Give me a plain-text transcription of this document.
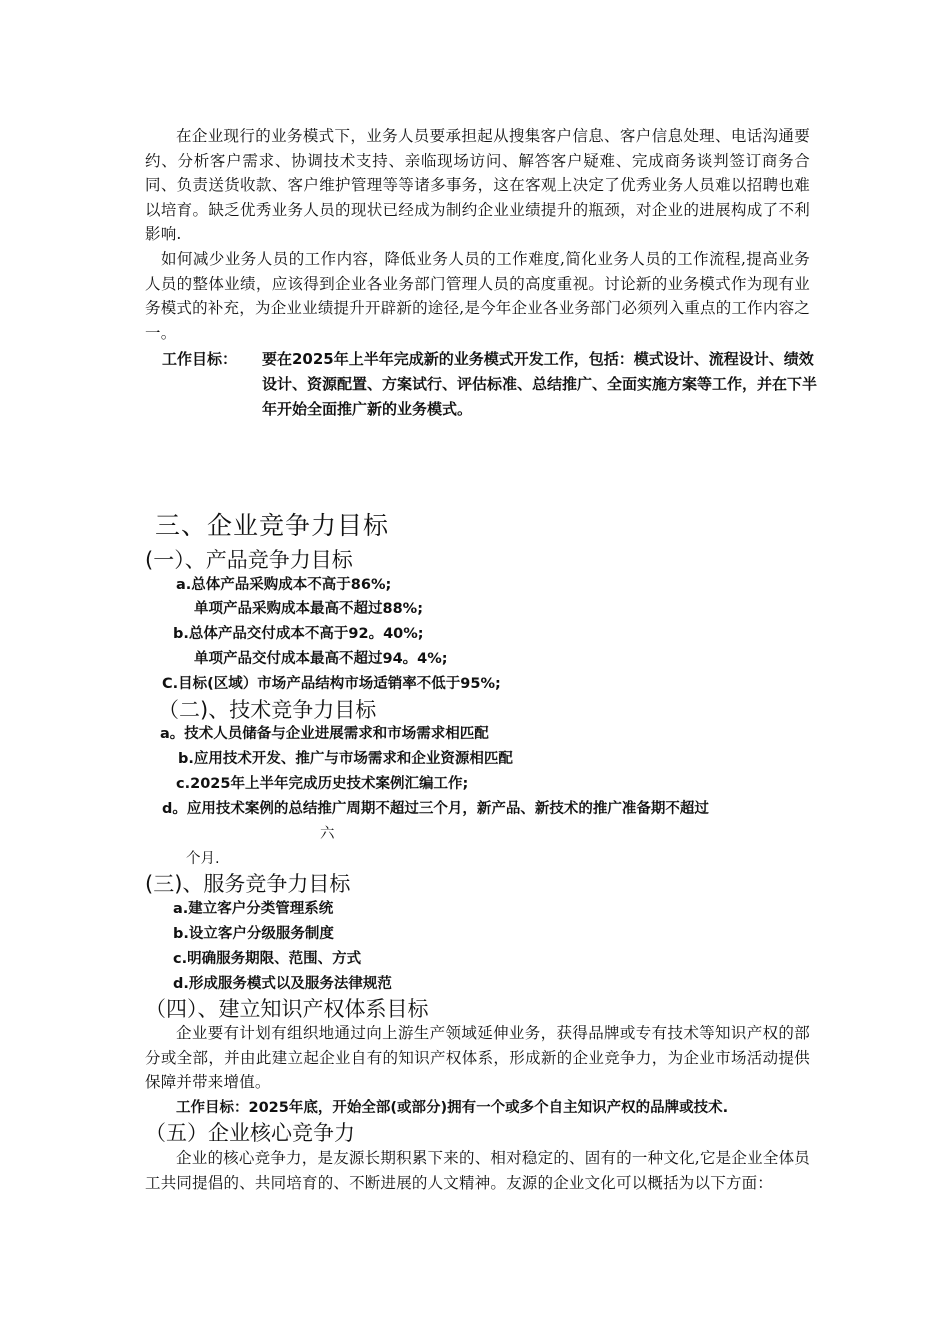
在企业现行的业务模式下，业务人员要承担起从搜集客户信息、客户信息处理、电话沟通要约、分析客户需求、协调技术支持、亲临现场访问、解答客户疑难、完成商务谈判签订商务合同、负责送货收款、客户维护管理等等诸多事务，这在客观上决定了优秀业务人员难以招聘也难以培育。缺乏优秀业务人员的现状已经成为制约企业业绩提升的瓶颈，对企业的进展构成了不利影响.
如何减少业务人员的工作内容，降低业务人员的工作难度,简化业务人员的工作流程,提高业务人员的整体业绩，应该得到企业各业务部门管理人员的高度重视。讨论新的业务模式作为现有业务模式的补充，为企业业绩提升开辟新的途径,是今年企业各业务部门必须列入重点的工作内容之一。
工作目标： 要在2025年上半年完成新的业务模式开发工作，包括：模式设计、流程设计、绩效设计、资源配置、方案试行、评估标准、总结推广、全面实施方案等工作，并在下半年开始全面推广新的业务模式。
三、企业竞争力目标
(一）、产品竞争力目标
a.总体产品采购成本不高于86%;
单项产品采购成本最高不超过88%;
b.总体产品交付成本不高于92。40%;
单项产品交付成本最高不超过94。4%;
C.目标(区域）市场产品结构市场适销率不低于95%;
（二)、技术竞争力目标
a。技术人员储备与企业进展需求和市场需求相匹配
b.应用技术开发、推广与市场需求和企业资源相匹配
c.2025年上半年完成历史技术案例汇编工作;
d。应用技术案例的总结推广周期不超过三个月，新产品、新技术的推广准备期不超过
六
个月.
(三)、服务竞争力目标
a.建立客户分类管理系统
b.设立客户分级服务制度
c.明确服务期限、范围、方式
d.形成服务模式以及服务法律规范
（四）、建立知识产权体系目标
企业要有计划有组织地通过向上游生产领域延伸业务，获得品牌或专有技术等知识产权的部分或全部，并由此建立起企业自有的知识产权体系，形成新的企业竞争力，为企业市场活动提供保障并带来增值。
工作目标：2025年底，开始全部(或部分)拥有一个或多个自主知识产权的品牌或技术.
（五）企业核心竞争力
企业的核心竞争力，是友源长期积累下来的、相对稳定的、固有的一种文化,它是企业全体员工共同提倡的、共同培育的、不断进展的人文精神。友源的企业文化可以概括为以下方面：
